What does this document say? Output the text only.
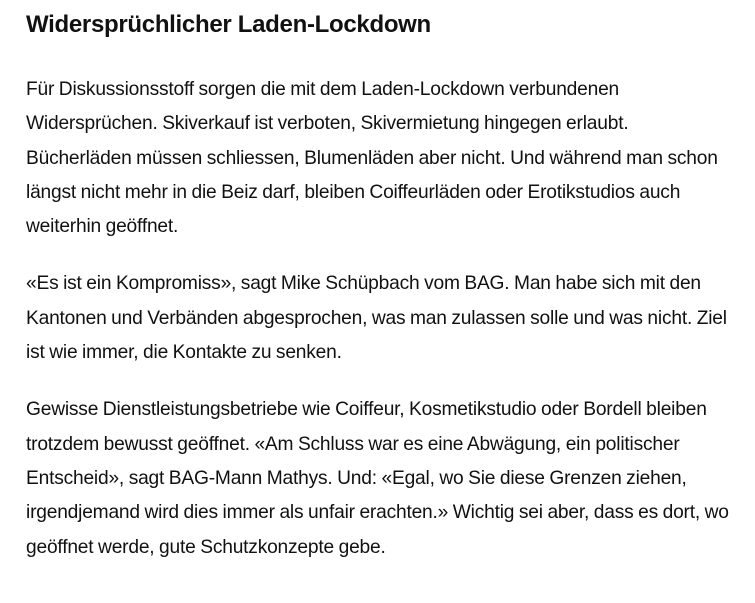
Widersprüchlicher Laden-Lockdown

Für Diskussionsstoff sorgen die mit dem Laden-Lockdown verbundenen Widersprüchen. Skiverkauf ist verboten, Skivermietung hingegen erlaubt. Bücherläden müssen schliessen, Blumenläden aber nicht. Und während man schon längst nicht mehr in die Beiz darf, bleiben Coiffeurläden oder Erotikstudios auch weiterhin geöffnet.

«Es ist ein Kompromiss», sagt Mike Schüpbach vom BAG. Man habe sich mit den Kantonen und Verbänden abgesprochen, was man zulassen solle und was nicht. Ziel ist wie immer, die Kontakte zu senken.

Gewisse Dienstleistungsbetriebe wie Coiffeur, Kosmetikstudio oder Bordell bleiben trotzdem bewusst geöffnet. «Am Schluss war es eine Abwägung, ein politischer Entscheid», sagt BAG-Mann Mathys. Und: «Egal, wo Sie diese Grenzen ziehen, irgendjemand wird dies immer als unfair erachten.» Wichtig sei aber, dass es dort, wo geöffnet werde, gute Schutzkonzepte gebe.
